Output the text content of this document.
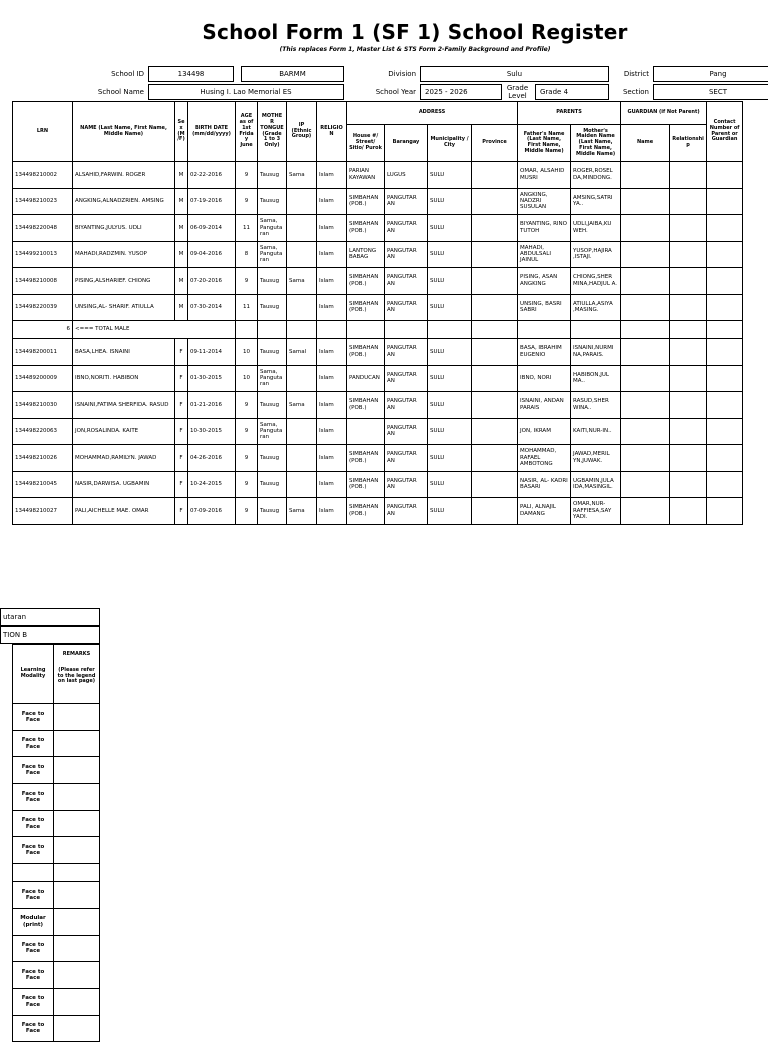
School Form 1 (SF 1) School Register
(This replaces Form 1, Master List & STS Form 2-Family Background and Profile)
School ID	134498	BARMM	Division	Sulu	District	Pang
School Name	Husing I. Lao Memorial ES	School Year	2025 - 2026
Grade Level
Grade 4	Section	SECT
LRN	NAME (Last Name, First Name, Middle Name)	Sex (M/F)	BIRTH DATE (mm/dd/yyyy)	AGE as of 1st Friday June	MOTHER TONGUE (Grade 1 to 3 Only)	IP (Ethnic Group)	RELIGION	ADDRESS				PARENTS		GUARDIAN (if Not Parent)		Contact Number of Parent or Guardian
								House #/ Street/ Sitio/ Purok	Barangay	Municipality / City	Province	Father's Name (Last Name, First Name, Middle Name)	Mother's Maiden Name (Last Name, First Name, Middle Name)	Name	Relationship	
134498210002	ALSAHID,FARWIN. ROGER	M	02-22-2016	9	Tausug	Sama	Islam	PARIAN KAYAWAN	LUGUS	SULU		OMAR, ALSAHID MUSRI	ROGER,ROSEL DA,MINDONG.			
134498210023	ANGKING,ALNADZRIEN. AMSING	M	07-19-2016	9	Tausug		Islam	SIMBAHAN (POB.)	PANGUTAR AN	SULU		ANGKING, NADZRI SUSULAN	AMSING,SATRI YA..			
134498220048	BIYANTING,JULYUS. UDLI	M	06-09-2014	11	Sama, Pangutaran		Islam	SIMBAHAN (POB.)	PANGUTAR AN	SULU		BIYANTING, RINO TUTOH	UDLI,JAIBA,KU WEH.			
134499210013	MAHADI,RADZMIN. YUSOP	M	09-04-2016	8	Sama, Pangutaran		Islam	LANTONG BABAG	PANGUTAR AN	SULU		MAHADI, ABDULSALI JAINUL	YUSOP,HAJIRA ,ISTAJI.			
134498210008	PISING,ALSHARIEF. CHIONG	M	07-20-2016	9	Tausug	Sama	Islam	SIMBAHAN (POB.)	PANGUTAR AN	SULU		PISING, ASAN ANGKING	CHIONG,SHER MINA,HADJUL A.			
134498220039	UNSING,AL- SHARIF. ATIULLA	M	07-30-2014	11	Tausug		Islam	SIMBAHAN (POB.)	PANGUTAR AN	SULU		UNSING, BASRI SABRI	ATIULLA,ASIYA ,MASING.			
6	<=== TOTAL MALE															
134498200011	BASA,LHEA. ISNAINI	F	09-11-2014	10	Tausug	Samal	Islam	SIMBAHAN (POB.)	PANGUTAR AN	SULU		BASA, IBRAHIM EUGENIO	ISNAINI,NURMI NA,PARAIS.			
134489200009	IBNO,NORITI. HABIBON	F	01-30-2015	10	Sama, Pangutaran		Islam	PANDUCAN	PANGUTAR AN	SULU		IBNO, NORI	HABIBON,JUL MA..			
134498210030	ISNAINI,FATIMA SHERFIDA. RASUD	F	01-21-2016	9	Tausug	Sama	Islam	SIMBAHAN (POB.)	PANGUTAR AN	SULU		ISNAINI, ANDAN PARAIS	RASUD,SHER WINA..			
134498220063	JON,ROSALINDA. KAITE	F	10-30-2015	9	Sama, Pangutaran		Islam		PANGUTAR AN	SULU		JON, IKRAM	KAITI,NUR-IN..			
134498210026	MOHAMMAD,RAMILYN. JAWAD	F	04-26-2016	9	Tausug		Islam	SIMBAHAN (POB.)	PANGUTAR AN	SULU		MOHAMMAD, RAFAEL AMBOTONG	JAWAD,MERIL YN,JUWAK.			
134498210045	NASIR,DARWISA. UGBAMIN	F	10-24-2015	9	Tausug		Islam	SIMBAHAN (POB.)	PANGUTAR AN	SULU		NASIR, AL- KADRI BASARI	UGBAMIN,JULA IDA,MASINGIL.			
134498210027	PALI,AICHELLE MAE. OMAR	F	07-09-2016	9	Tausug	Sama	Islam	SIMBAHAN (POB.)	PANGUTAR AN	SULU		PALI, ALNAJIL DAMANG	OMAR,NUR-RAFFIESA,SAY YADI.			
utaran
TION B
Learning Modality	REMARKS
(Please refer to the legend on last page)

Face to Face	
Face to Face	
Face to Face	
Face to Face	
Face to Face	
Face to Face	

Face to Face	
Modular (print)	
Face to Face	
Face to Face	
Face to Face	
Face to Face	
